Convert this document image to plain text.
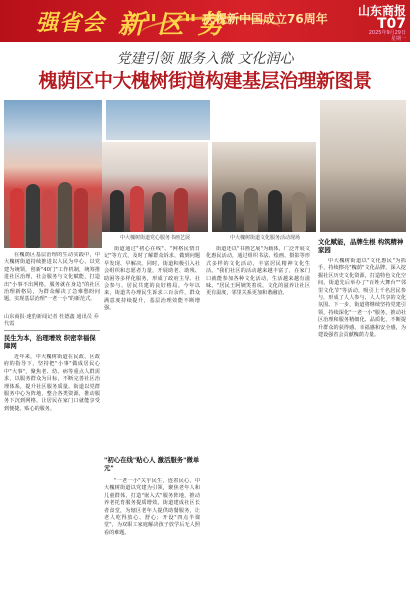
强省会 新"区"势
庆祝新中国成立76周年
山东商报
T07
2025年9月29日
星期一
党建引领 服务入微 文化润心
槐荫区中大槐树街道构建基层治理新图景
中大槐树街道党心服务书画艺展	中大槐树街道文化服务活动现场

在槐荫区基层治理的生动实践中，中大槐树街道持续推进以人民为中心，以党建为统领，创新"40门"工作机制，统筹推进社区治理，社会服务与文化赋能，打造出"小事不出网格，服务就在身边"的社区治理新格局，为群众解决了急难愁盼问题，实现基层治理"一老一小"的新范式。

山东商报·速豹新闻记者 杜德鑫 通讯员 乔代霞
民生为本，治理增效 织密幸福保障网

近年来，中大槐树街道在民政、区政府的指导下，坚持把"小事"做成居民心中"大事"，聚焦老、幼、病等重点人群需求，以服务群众为目标，不断完善社区治理体系，提升社区服务质量。街道以党群服务中心为阵地，整合各类资源，推动服务下沉到网格，让居民在家门口就能享受到便捷、贴心的服务。

街道通过"初心在线"、"网格民情日记"等方式，及时了解群众诉求，做到问题早发现、早解决。同时，街道积极引入社会组织和志愿者力量，开展助老、助残、助困等多样化服务，形成了政府主导、社会参与、居民共建的良好格局。今年以来，街道共办理民生诉求三百余件，群众满意度持续提升，基层治理效能不断增强。

"初心在线"贴心人 激活服务"微单元"

"一老一小"关乎民生，连着民心。中大槐树街道以党建为引领，聚焦老年人和儿童群体，打造"嵌入式"服务阵地，推动养老托育服务提质增效。街道建成社区长者食堂，为辖区老年人提供助餐服务，让老人吃得放心、舒心；开设"四点半课堂"，为双职工家庭解决孩子放学后无人照看的难题。

街道还以"书画艺展"为载体，广泛开展文化惠民活动，通过组织书法、绘画、摄影等形式多样的文化活动，丰富居民精神文化生活。"我们社区的活动越来越丰富了，在家门口就能参加各种文化活动，生活越来越有滋味。"居民王阿姨笑着说。文化的滋养让社区更有温度，邻里关系更加和谐融洽。

文化赋能，品牌生根 构筑精神家园

中大槐树街道以"文化惠民"为抓手，持续擦亮"槐荫"文化品牌，深入挖掘社区历史文化资源，打造特色文化空间。街道先后举办了"百姓大舞台""邻里文化节"等活动，吸引上千名居民参与，形成了人人参与、人人共享的文化氛围。下一步，街道将继续坚持党建引领，持续深化"一老一小"服务，推动社区治理和服务精细化、品质化，不断提升群众的获得感、幸福感和安全感，为建设强省会贡献槐荫力量。
